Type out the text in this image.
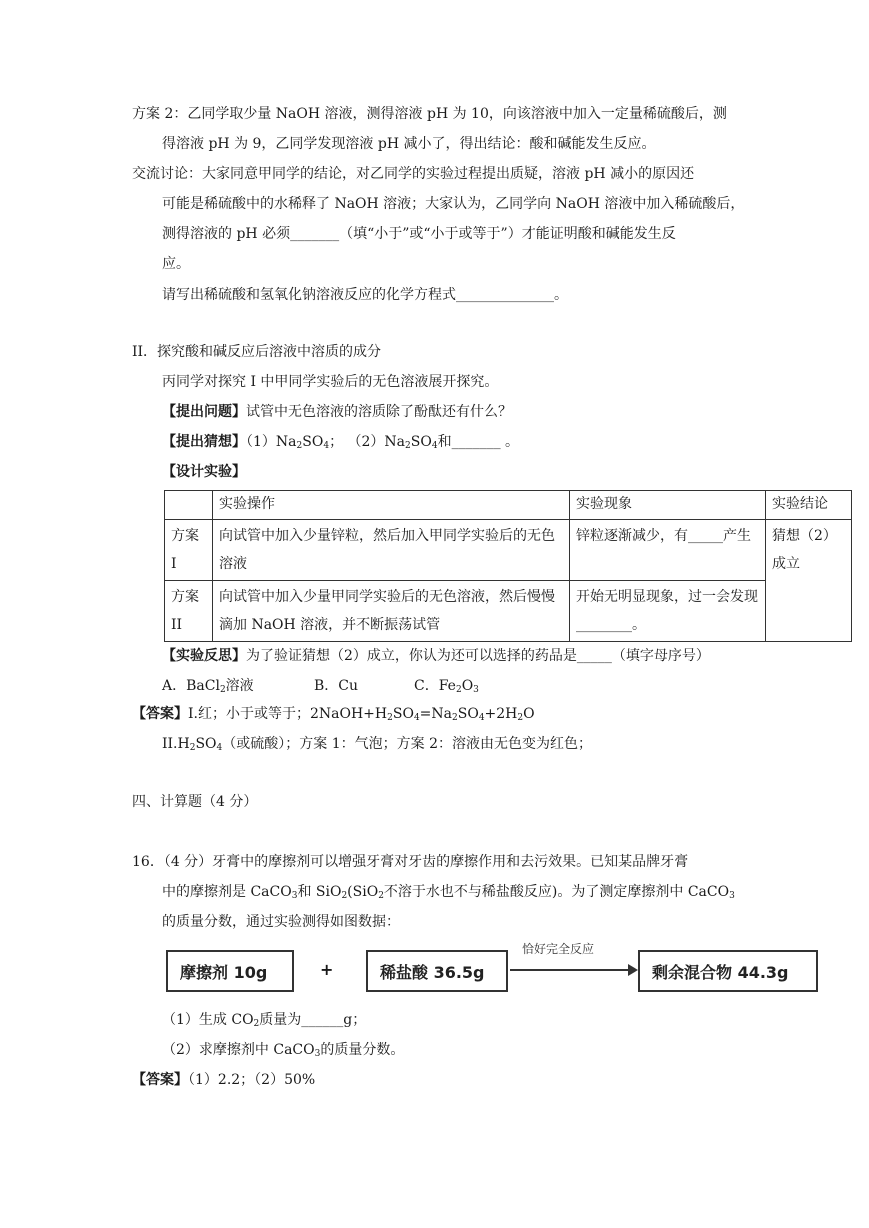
方案 2：乙同学取少量 NaOH 溶液，测得溶液 pH 为 10，向该溶液中加入一定量稀硫酸后，测
得溶液 pH 为 9，乙同学发现溶液 pH 减小了，得出结论：酸和碱能发生反应。
交流讨论：大家同意甲同学的结论，对乙同学的实验过程提出质疑，溶液 pH 减小的原因还
可能是稀硫酸中的水稀释了 NaOH 溶液；大家认为，乙同学向 NaOH 溶液中加入稀硫酸后，
测得溶液的 pH 必须_______（填“小于”或“小于或等于”）才能证明酸和碱能发生反
应。
请写出稀硫酸和氢氧化钠溶液反应的化学方程式______________。
II．探究酸和碱反应后溶液中溶质的成分
丙同学对探究 I 中甲同学实验后的无色溶液展开探究。
【提出问题】试管中无色溶液的溶质除了酚酞还有什么？
【提出猜想】$(1)Na_2SO_4$； $(2)Na_2SO_4$和_______ 。
【设计实验】
	实验操作	实验现象	实验结论
方案
I	向试管中加入少量锌粒，然后加入甲同学实验后的无色溶液	锌粒逐渐减少，有_____产生	猜想（2）成立
方案
II	向试管中加入少量甲同学实验后的无色溶液，然后慢慢滴加 NaOH 溶液，并不断振荡试管	开始无明显现象，过一会发现________。	
【实验反思】为了验证猜想（2）成立，你认为还可以选择的药品是_____（填字母序号）
A．BaCl$_2$溶液	B．Cu	C．$Fe_2O_3$
【答案】I.红；小于或等于；$2NaOH+H_2SO_4=Na_2SO_4+2H_2O$
$II.H_2SO_4$（或硫酸）；方案 1：气泡；方案 2：溶液由无色变为红色；
四、计算题（4 分）
16．（4 分）牙膏中的摩擦剂可以增强牙膏对牙齿的摩擦作用和去污效果。已知某品牌牙膏
中的摩擦剂是 CaCO$_3$和 SiO$_2$(SiO$_2$不溶于水也不与稀盐酸反应)。为了测定摩擦剂中 CaCO$_3$
的质量分数，通过实验测得如图数据：
摩擦剂 10g	+	稀盐酸 36.5g
恰好完全反应
剩余混合物 44.3g
（1）生成 $CO_2$质量为______g；
（2）求摩擦剂中 CaCO$_3$的质量分数。
【答案】（1）2.2；（2）50%
